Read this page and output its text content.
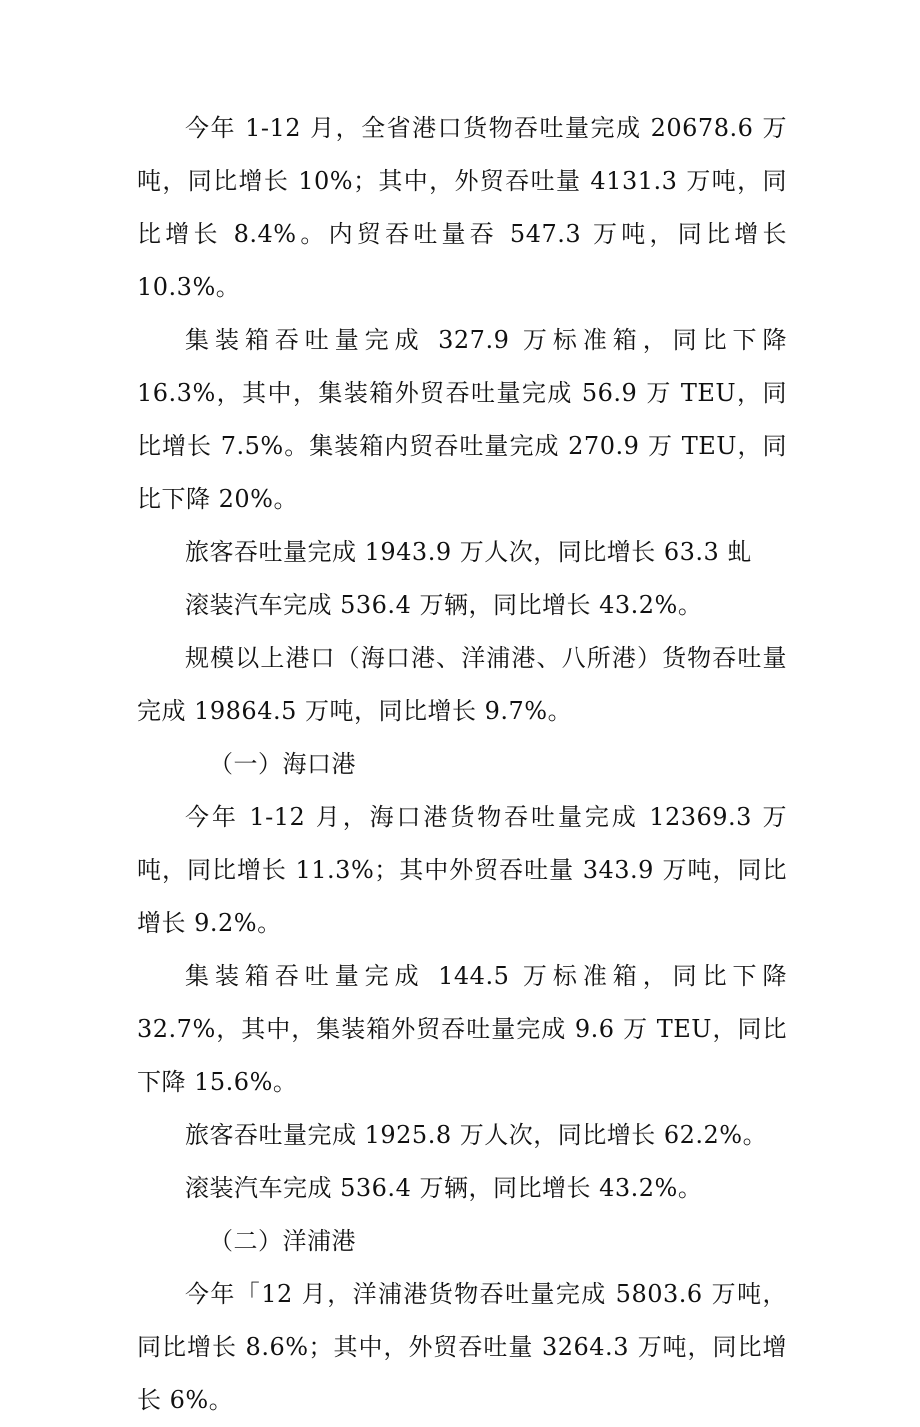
今年 1-12 月，全省港口货物吞吐量完成 20678.6 万吨，同比增长 10%；其中，外贸吞吐量 4131.3 万吨，同比增长 8.4%。内贸吞吐量吞 547.3 万吨，同比增长 10.3%。

集装箱吞吐量完成 327.9 万标准箱，同比下降 16.3%，其中，集装箱外贸吞吐量完成 56.9 万 TEU，同比增长 7.5%。集装箱内贸吞吐量完成 270.9 万 TEU，同比下降 20%。

旅客吞吐量完成 1943.9 万人次，同比增长 63.3 虬

滚装汽车完成 536.4 万辆，同比增长 43.2%。

规模以上港口（海口港、洋浦港、八所港）货物吞吐量完成 19864.5 万吨，同比增长 9.7%。

（一）海口港

今年 1-12 月，海口港货物吞吐量完成 12369.3 万吨，同比增长 11.3%；其中外贸吞吐量 343.9 万吨，同比增长 9.2%。

集装箱吞吐量完成 144.5 万标准箱，同比下降 32.7%，其中，集装箱外贸吞吐量完成 9.6 万 TEU，同比下降 15.6%。

旅客吞吐量完成 1925.8 万人次，同比增长 62.2%。

滚装汽车完成 536.4 万辆，同比增长 43.2%。

（二）洋浦港

今年「12 月，洋浦港货物吞吐量完成 5803.6 万吨，同比增长 8.6%；其中，外贸吞吐量 3264.3 万吨，同比增长 6%。
